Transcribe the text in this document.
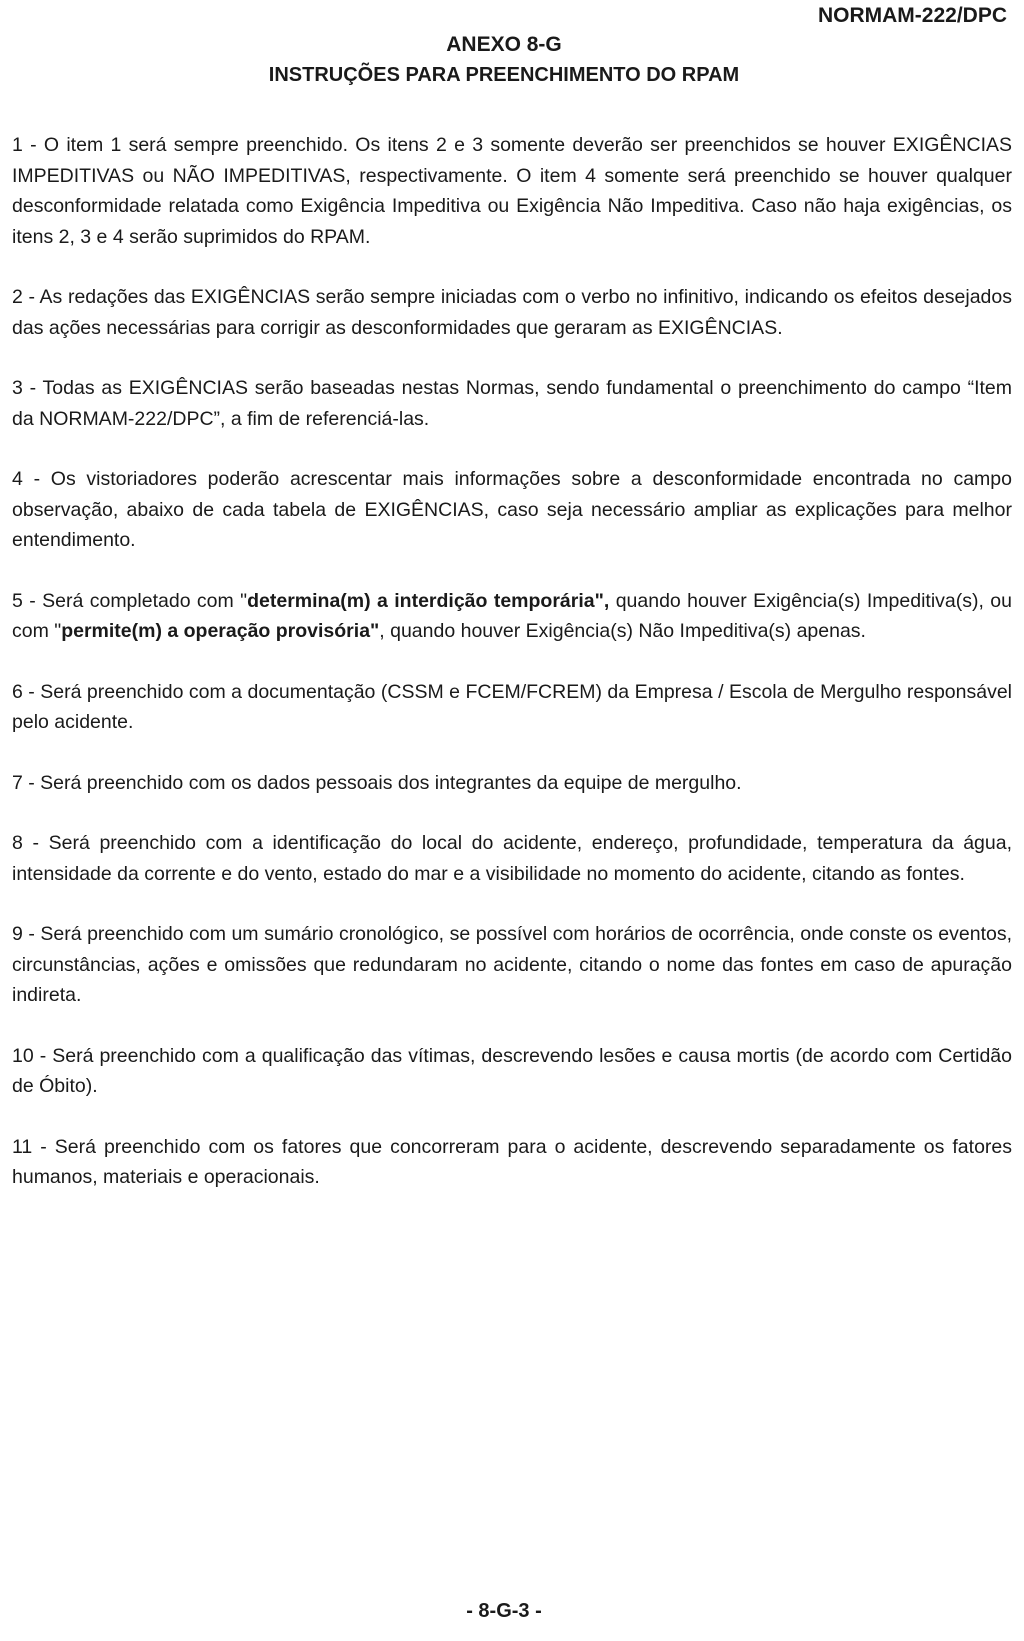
NORMAM-222/DPC

ANEXO 8-G

INSTRUÇÕES PARA PREENCHIMENTO DO RPAM

1 - O item 1 será sempre preenchido. Os itens 2 e 3 somente deverão ser preenchidos se houver EXIGÊNCIAS IMPEDITIVAS ou NÃO IMPEDITIVAS, respectivamente. O item 4 somente será preenchido se houver qualquer desconformidade relatada como Exigência Impeditiva ou Exigência Não Impeditiva. Caso não haja exigências, os itens 2, 3 e 4 serão suprimidos do RPAM.

2 - As redações das EXIGÊNCIAS serão sempre iniciadas com o verbo no infinitivo, indicando os efeitos desejados das ações necessárias para corrigir as desconformidades que geraram as EXIGÊNCIAS.

3 - Todas as EXIGÊNCIAS serão baseadas nestas Normas, sendo fundamental o preenchimento do campo “Item da NORMAM-222/DPC”, a fim de referenciá-las.

4 - Os vistoriadores poderão acrescentar mais informações sobre a desconformidade encontrada no campo observação, abaixo de cada tabela de EXIGÊNCIAS, caso seja necessário ampliar as explicações para melhor entendimento.

5 - Será completado com "determina(m) a interdição temporária", quando houver Exigência(s) Impeditiva(s), ou com "permite(m) a operação provisória", quando houver Exigência(s) Não Impeditiva(s) apenas.

6 - Será preenchido com a documentação (CSSM e FCEM/FCREM) da Empresa / Escola de Mergulho responsável pelo acidente.

7 - Será preenchido com os dados pessoais dos integrantes da equipe de mergulho.

8 - Será preenchido com a identificação do local do acidente, endereço, profundidade, temperatura da água, intensidade da corrente e do vento, estado do mar e a visibilidade no momento do acidente, citando as fontes.

9 - Será preenchido com um sumário cronológico, se possível com horários de ocorrência, onde conste os eventos, circunstâncias, ações e omissões que redundaram no acidente, citando o nome das fontes em caso de apuração indireta.

10 - Será preenchido com a qualificação das vítimas, descrevendo lesões e causa mortis (de acordo com Certidão de Óbito).

11 - Será preenchido com os fatores que concorreram para o acidente, descrevendo separadamente os fatores humanos, materiais e operacionais.

- 8-G-3 -
